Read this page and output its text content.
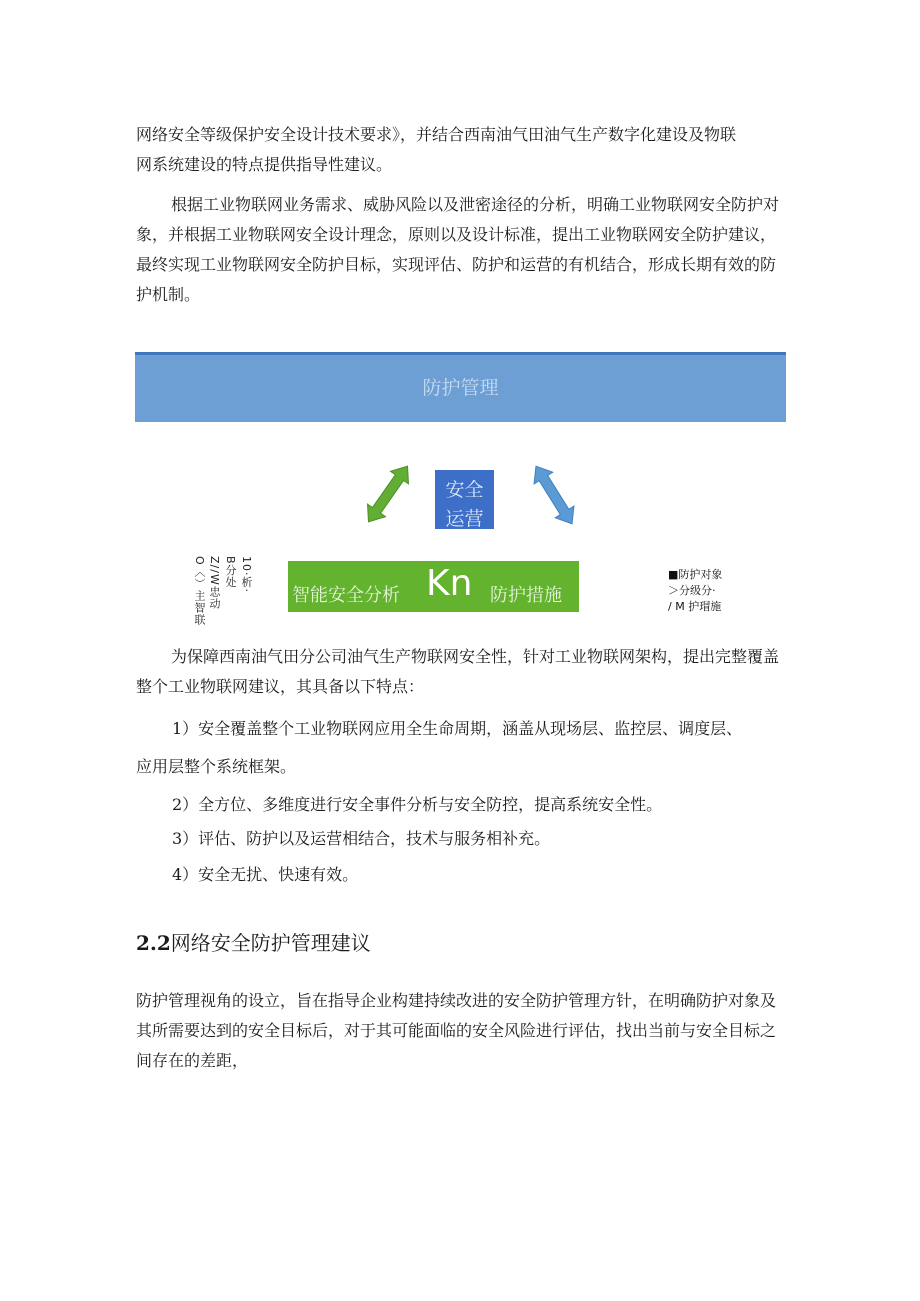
网络安全等级保护安全设计技术要求》，并结合西南油气田油气生产数字化建设及物联
网系统建设的特点提供指导性建议。

根据工业物联网业务需求、威胁风险以及泄密途径的分析，明确工业物联网安全防护对象，并根据工业物联网安全设计理念，原则以及设计标准，提出工业物联网安全防护建议，最终实现工业物联网安全防护目标，实现评估、防护和运营的有机结合，形成长期有效的防护机制。

防护管理
安全
运营
O〈）主智联 Z∕/W忠动 B分处 10·析·
智能安全分析 Kn 防护措施
■防护对象
＞分级分·
/ M 护瑁施

为保障西南油气田分公司油气生产物联网安全性，针对工业物联网架构，提出完整覆盖整个工业物联网建议，其具备以下特点：

1）安全覆盖整个工业物联网应用全生命周期，涵盖从现场层、监控层、调度层、
应用层整个系统框架。
2）全方位、多维度进行安全事件分析与安全防控，提高系统安全性。
3）评估、防护以及运营相结合，技术与服务相补充。
4）安全无扰、快速有效。
2.2网络安全防护管理建议

防护管理视角的设立，旨在指导企业构建持续改进的安全防护管理方针，在明确防护对象及其所需要达到的安全目标后，对于其可能面临的安全风险进行评估，找出当前与安全目标之间存在的差距，
